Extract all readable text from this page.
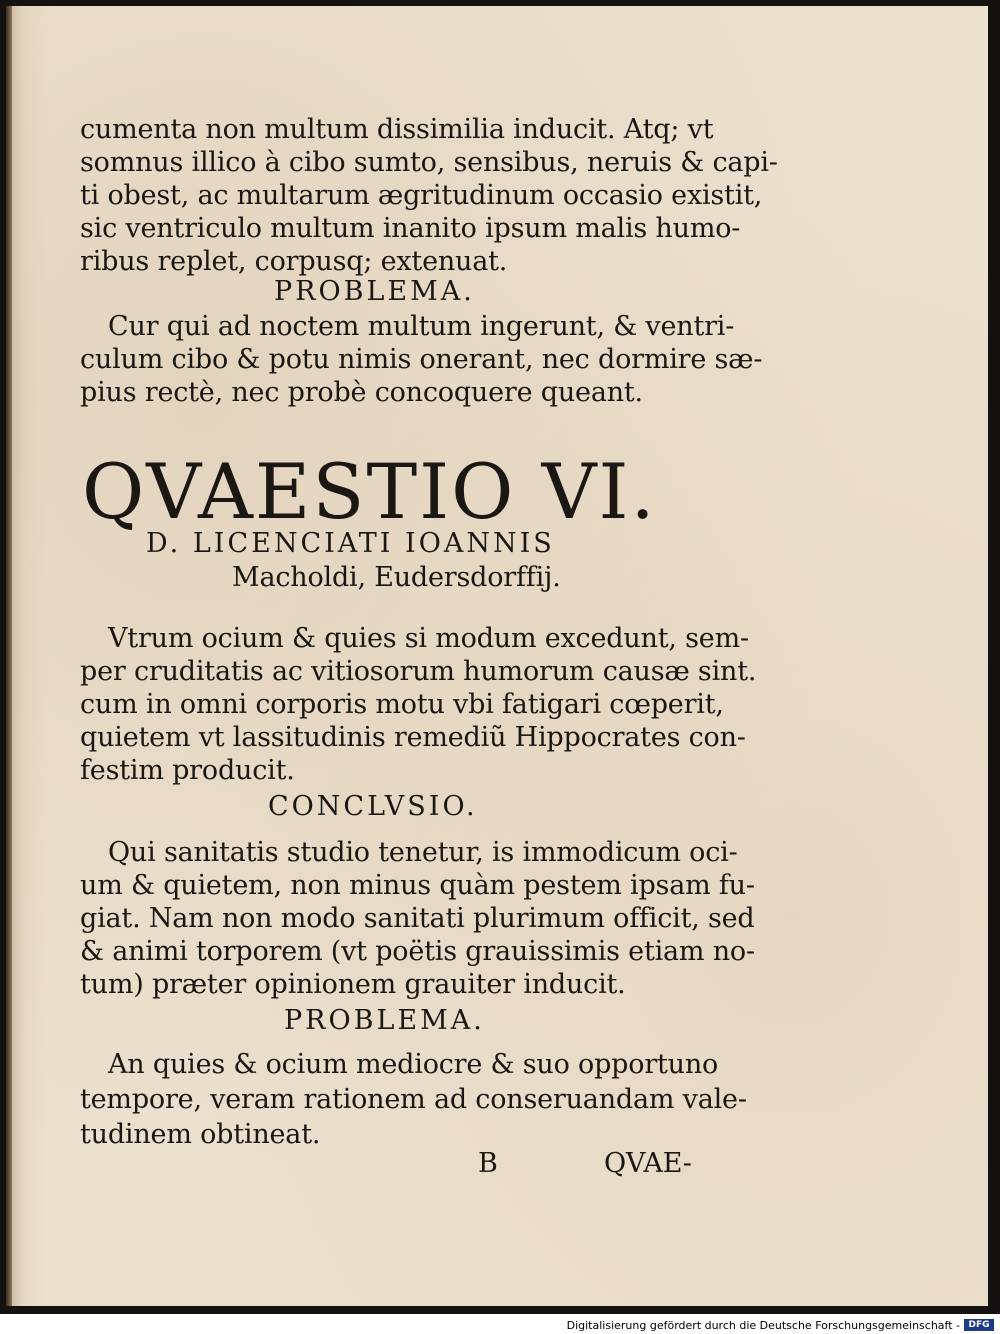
cumenta non multum dissimilia inducit. Atq; vt

somnus illico à cibo sumto, sensibus, neruis & capi-

ti obest, ac multarum ægritudinum occasio existit,

sic ventriculo multum inanito ipsum malis humo-

ribus replet, corpusq; extenuat.

PROBLEMA.

Cur qui ad noctem multum ingerunt, & ventri-

culum cibo & potu nimis onerant, nec dormire sæ-

pius rectè, nec probè concoquere queant.

QVAESTIO VI.

D. LICENCIATI IOANNIS

Macholdi, Eudersdorffij.

Vtrum ocium & quies si modum excedunt, sem-

per cruditatis ac vitiosorum humorum causæ sint.

cum in omni corporis motu vbi fatigari cœperit,

quietem vt lassitudinis remediũ Hippocrates con-

festim producit.

CONCLVSIO.

Qui sanitatis studio tenetur, is immodicum oci-

um & quietem, non minus quàm pestem ipsam fu-

giat. Nam non modo sanitati plurimum officit, sed

& animi torporem (vt poëtis grauissimis etiam no-

tum) præter opinionem grauiter inducit.

PROBLEMA.

An quies & ocium mediocre & suo opportuno

tempore, veram rationem ad conseruandam vale-

tudinem obtineat.

B	QVAE-

Digitalisierung gefördert durch die Deutsche Forschungsgemeinschaft - DFG
